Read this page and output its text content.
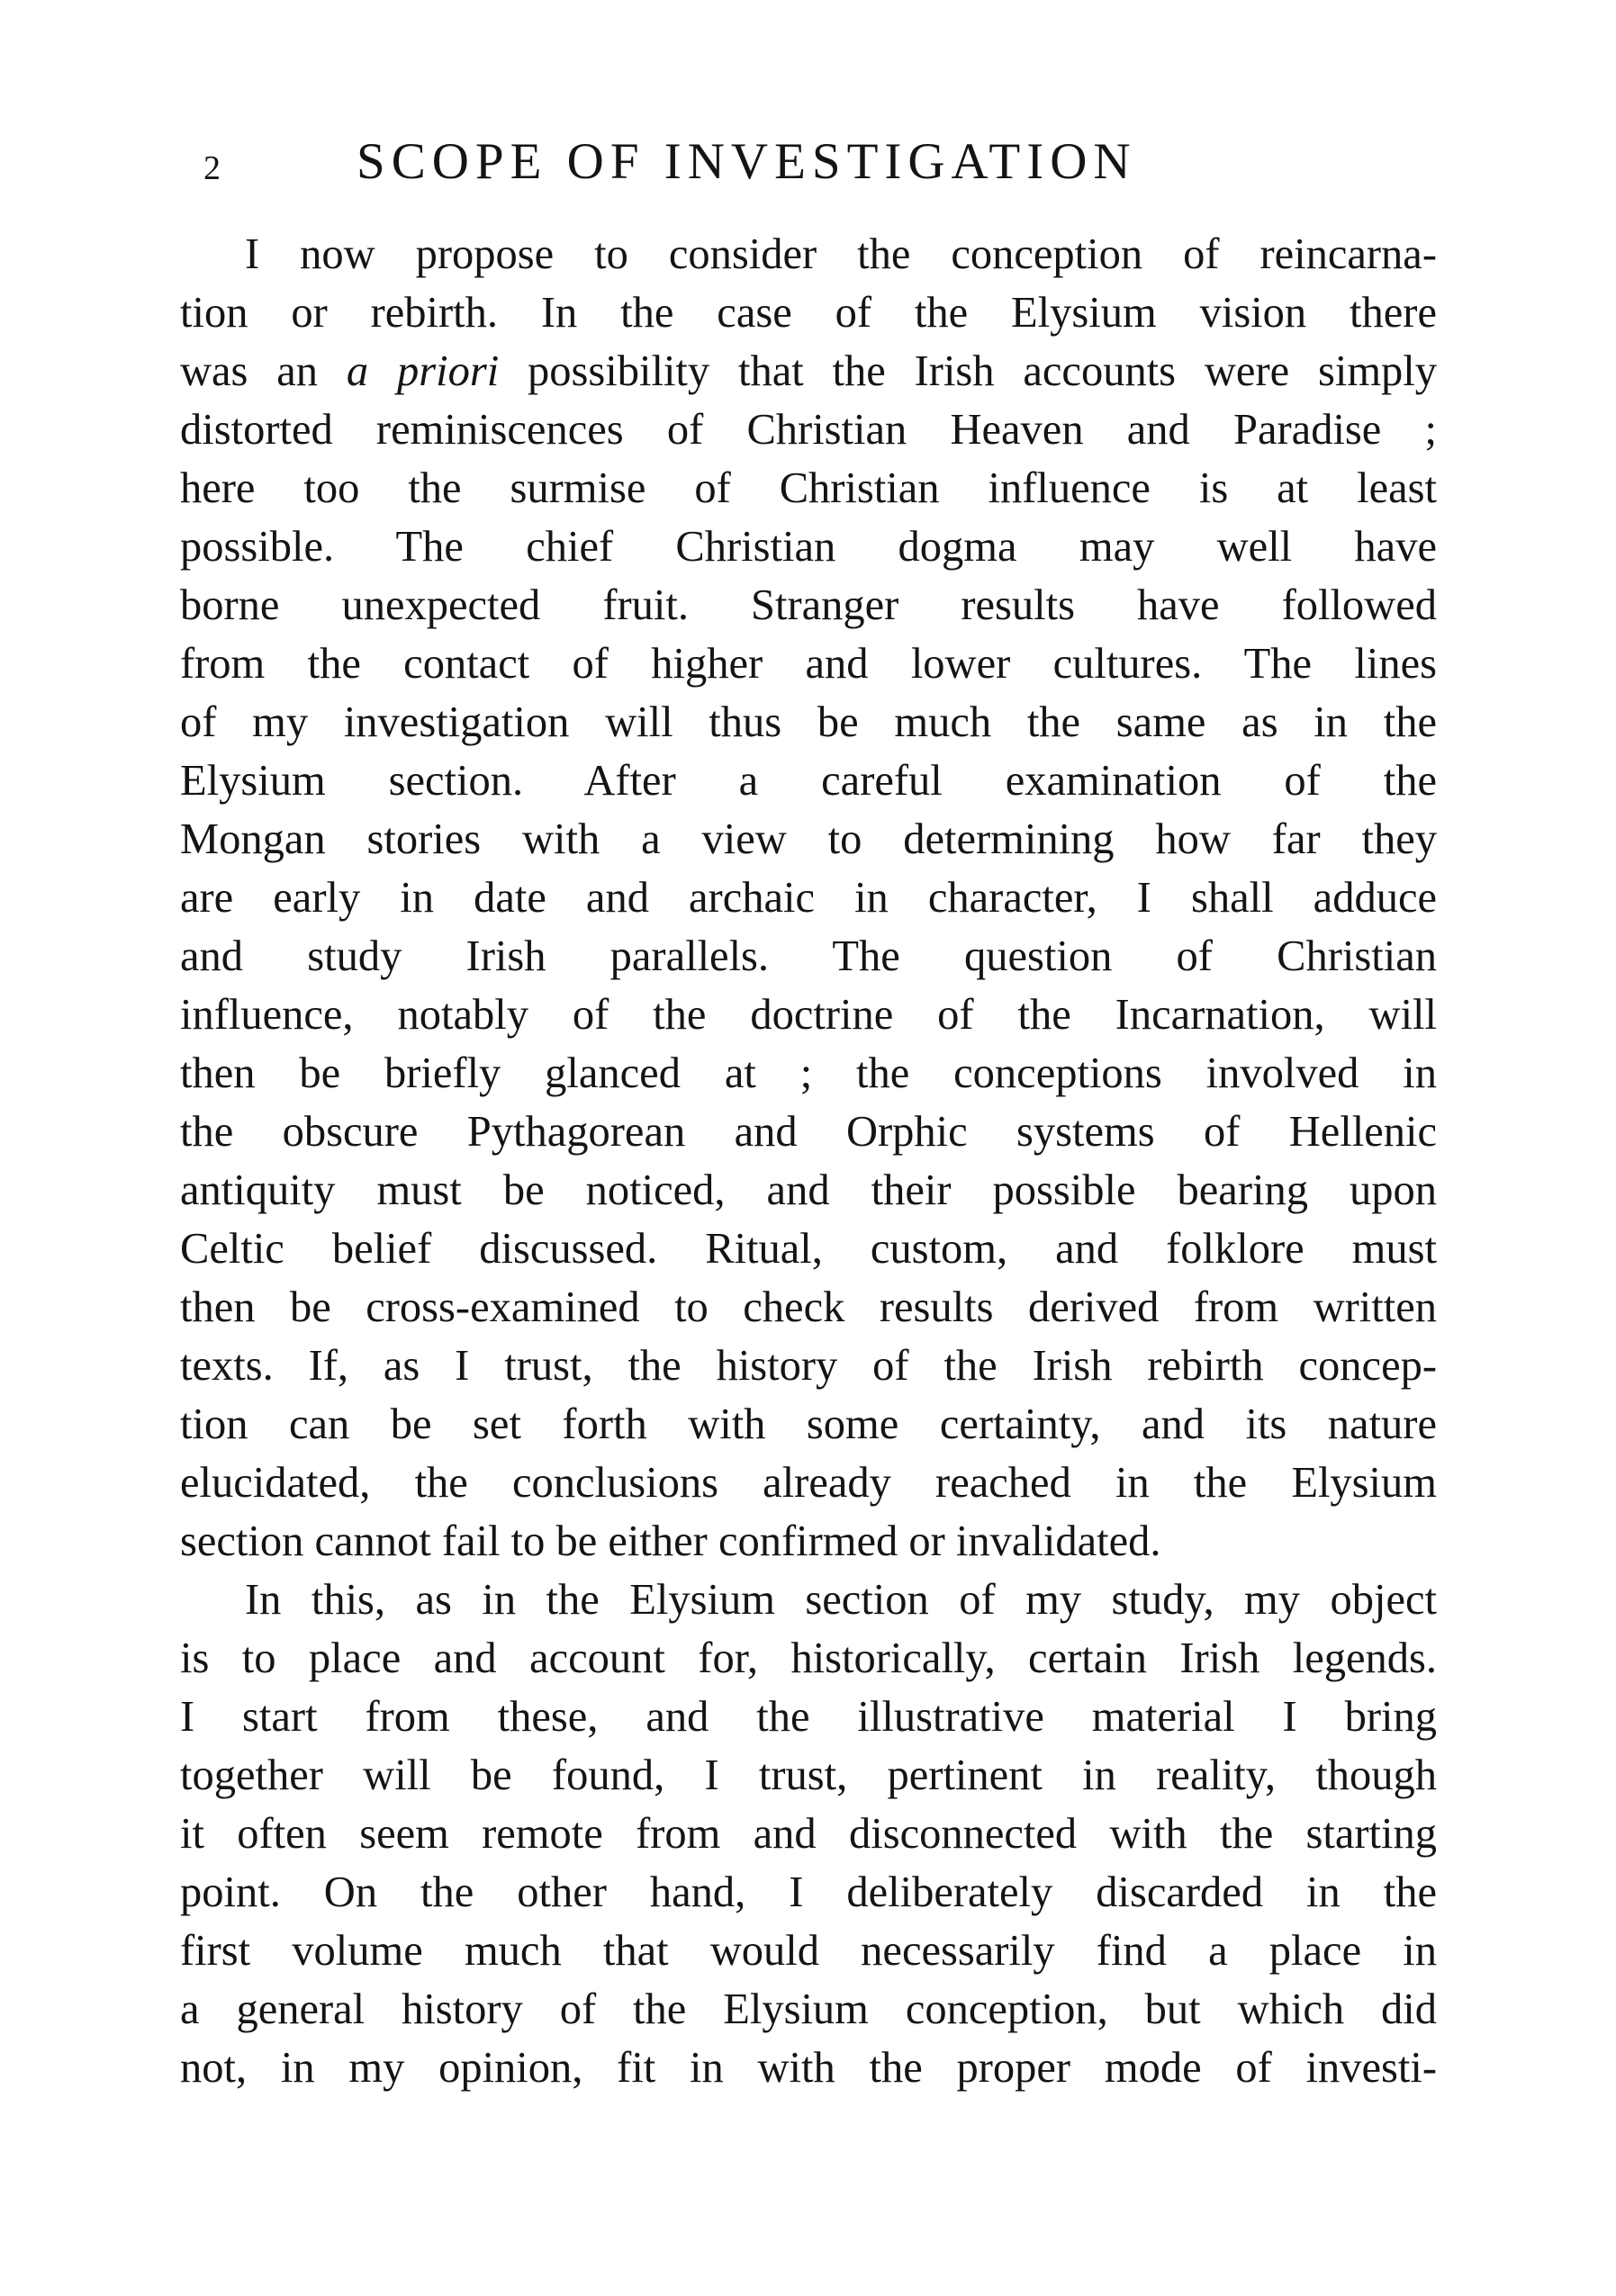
2	SCOPE OF INVESTIGATION
I now propose to consider the conception of reincarna-
tion or rebirth. In the case of the Elysium vision there
was an a priori possibility that the Irish accounts were simply
distorted reminiscences of Christian Heaven and Paradise ;
here too the surmise of Christian influence is at least
possible. The chief Christian dogma may well have
borne unexpected fruit. Stranger results have followed
from the contact of higher and lower cultures. The lines
of my investigation will thus be much the same as in the
Elysium section. After a careful examination of the
Mongan stories with a view to determining how far they
are early in date and archaic in character, I shall adduce
and study Irish parallels. The question of Christian
influence, notably of the doctrine of the Incarnation, will
then be briefly glanced at ; the conceptions involved in
the obscure Pythagorean and Orphic systems of Hellenic
antiquity must be noticed, and their possible bearing upon
Celtic belief discussed. Ritual, custom, and folklore must
then be cross-examined to check results derived from written
texts. If, as I trust, the history of the Irish rebirth concep-
tion can be set forth with some certainty, and its nature
elucidated, the conclusions already reached in the Elysium
section cannot fail to be either confirmed or invalidated.
In this, as in the Elysium section of my study, my object
is to place and account for, historically, certain Irish legends.
I start from these, and the illustrative material I bring
together will be found, I trust, pertinent in reality, though
it often seem remote from and disconnected with the starting
point. On the other hand, I deliberately discarded in the
first volume much that would necessarily find a place in
a general history of the Elysium conception, but which did
not, in my opinion, fit in with the proper mode of investi-
